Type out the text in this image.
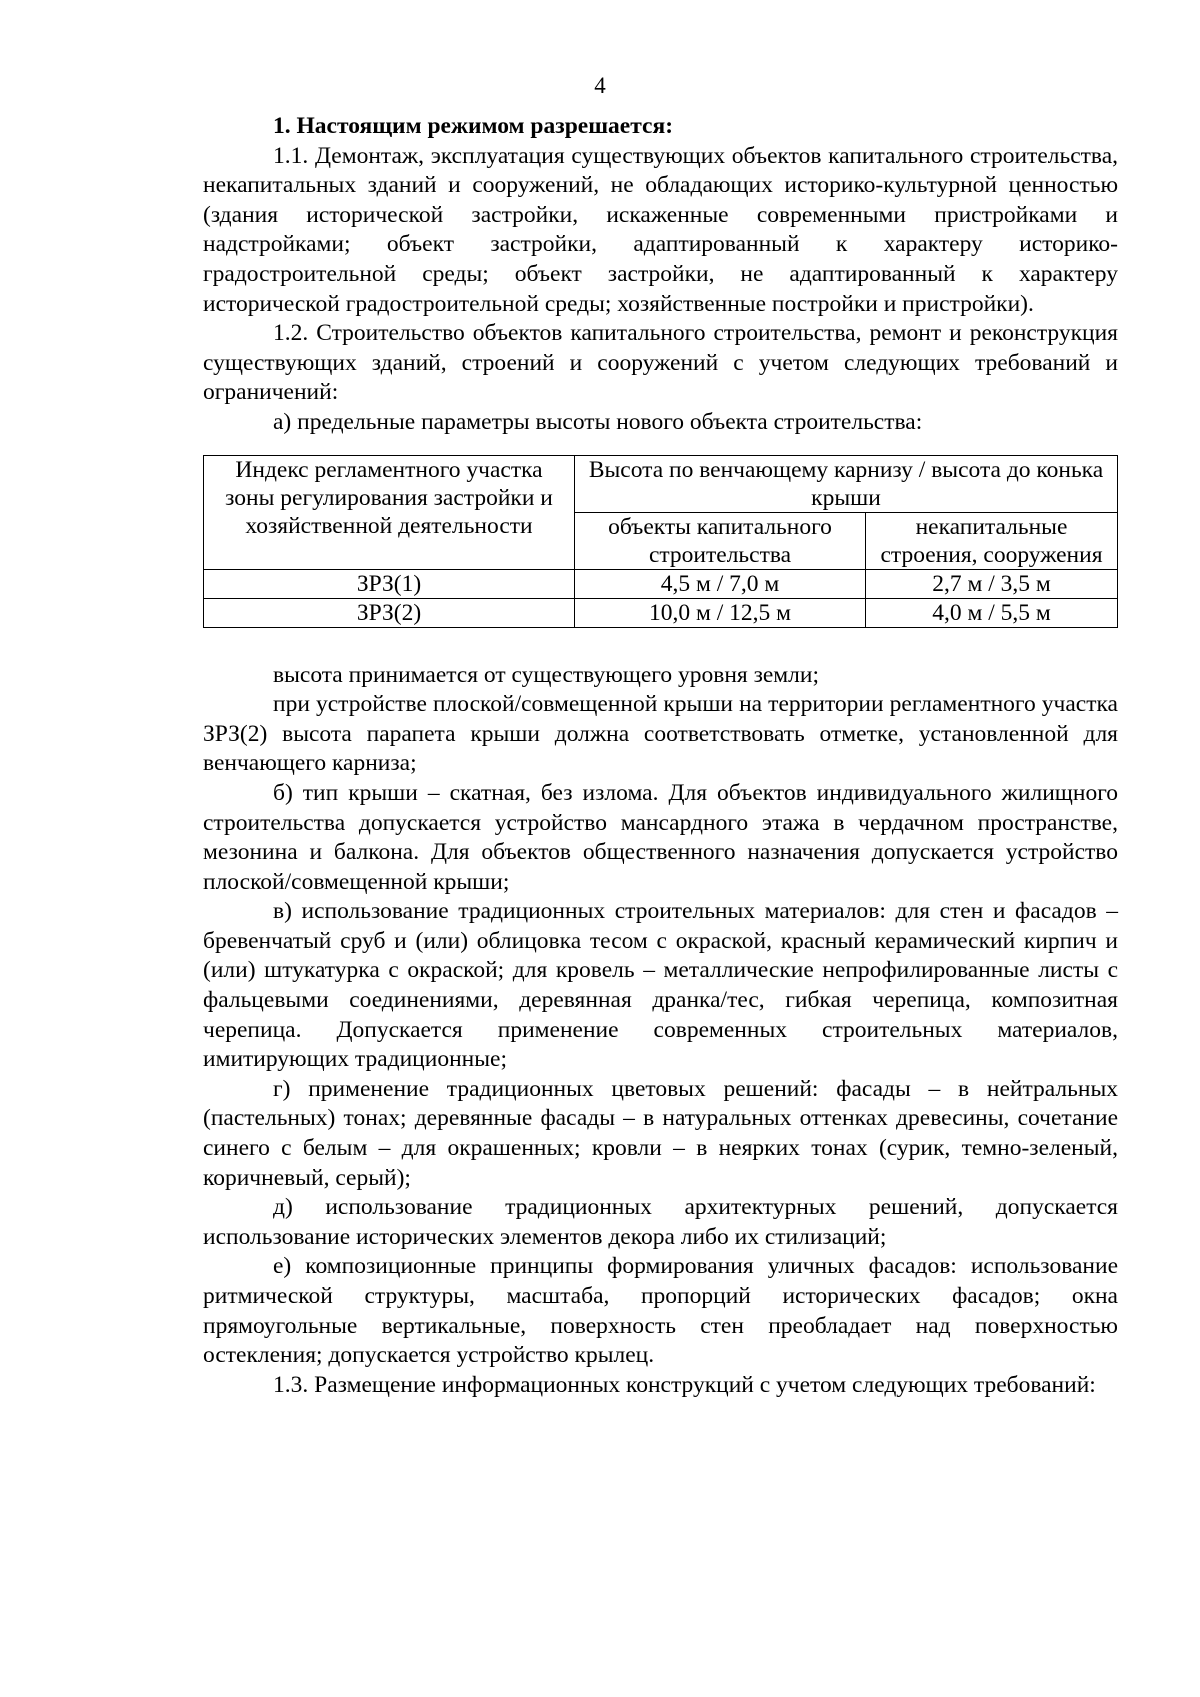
4

1. Настоящим режимом разрешается:

1.1. Демонтаж, эксплуатация существующих объектов капитального строительства, некапитальных зданий и сооружений, не обладающих историко-культурной ценностью (здания исторической застройки, искаженные современными пристройками и надстройками; объект застройки, адаптированный к характеру историко-градостроительной среды; объект застройки, не адаптированный к характеру исторической градостроительной среды; хозяйственные постройки и пристройки).

1.2. Строительство объектов капитального строительства, ремонт и реконструкция существующих зданий, строений и сооружений с учетом следующих требований и ограничений:

а) предельные параметры высоты нового объекта строительства:

Индекс регламентного участка зоны регулирования застройки и хозяйственной деятельности	Высота по венчающему карнизу / высота до конька крыши	
	объекты капитального строительства	некапитальные строения, сооружения
ЗРЗ(1)	4,5 м / 7,0 м	2,7 м / 3,5 м
ЗРЗ(2)	10,0 м / 12,5 м	4,0 м / 5,5 м

высота принимается от существующего уровня земли;

при устройстве плоской/совмещенной крыши на территории регламентного участка ЗРЗ(2) высота парапета крыши должна соответствовать отметке, установленной для венчающего карниза;

б) тип крыши – скатная, без излома. Для объектов индивидуального жилищного строительства допускается устройство мансардного этажа в чердачном пространстве, мезонина и балкона. Для объектов общественного назначения допускается устройство плоской/совмещенной крыши;

в) использование традиционных строительных материалов: для стен и фасадов – бревенчатый сруб и (или) облицовка тесом с окраской, красный керамический кирпич и (или) штукатурка с окраской; для кровель – металлические непрофилированные листы с фальцевыми соединениями, деревянная дранка/тес, гибкая черепица, композитная черепица. Допускается применение современных строительных материалов, имитирующих традиционные;

г) применение традиционных цветовых решений: фасады – в нейтральных (пастельных) тонах; деревянные фасады – в натуральных оттенках древесины, сочетание синего с белым – для окрашенных; кровли – в неярких тонах (сурик, темно-зеленый, коричневый, серый);

д) использование традиционных архитектурных решений, допускается использование исторических элементов декора либо их стилизаций;

е) композиционные принципы формирования уличных фасадов: использование ритмической структуры, масштаба, пропорций исторических фасадов; окна прямоугольные вертикальные, поверхность стен преобладает над поверхностью остекления; допускается устройство крылец.

1.3. Размещение информационных конструкций с учетом следующих требований:
